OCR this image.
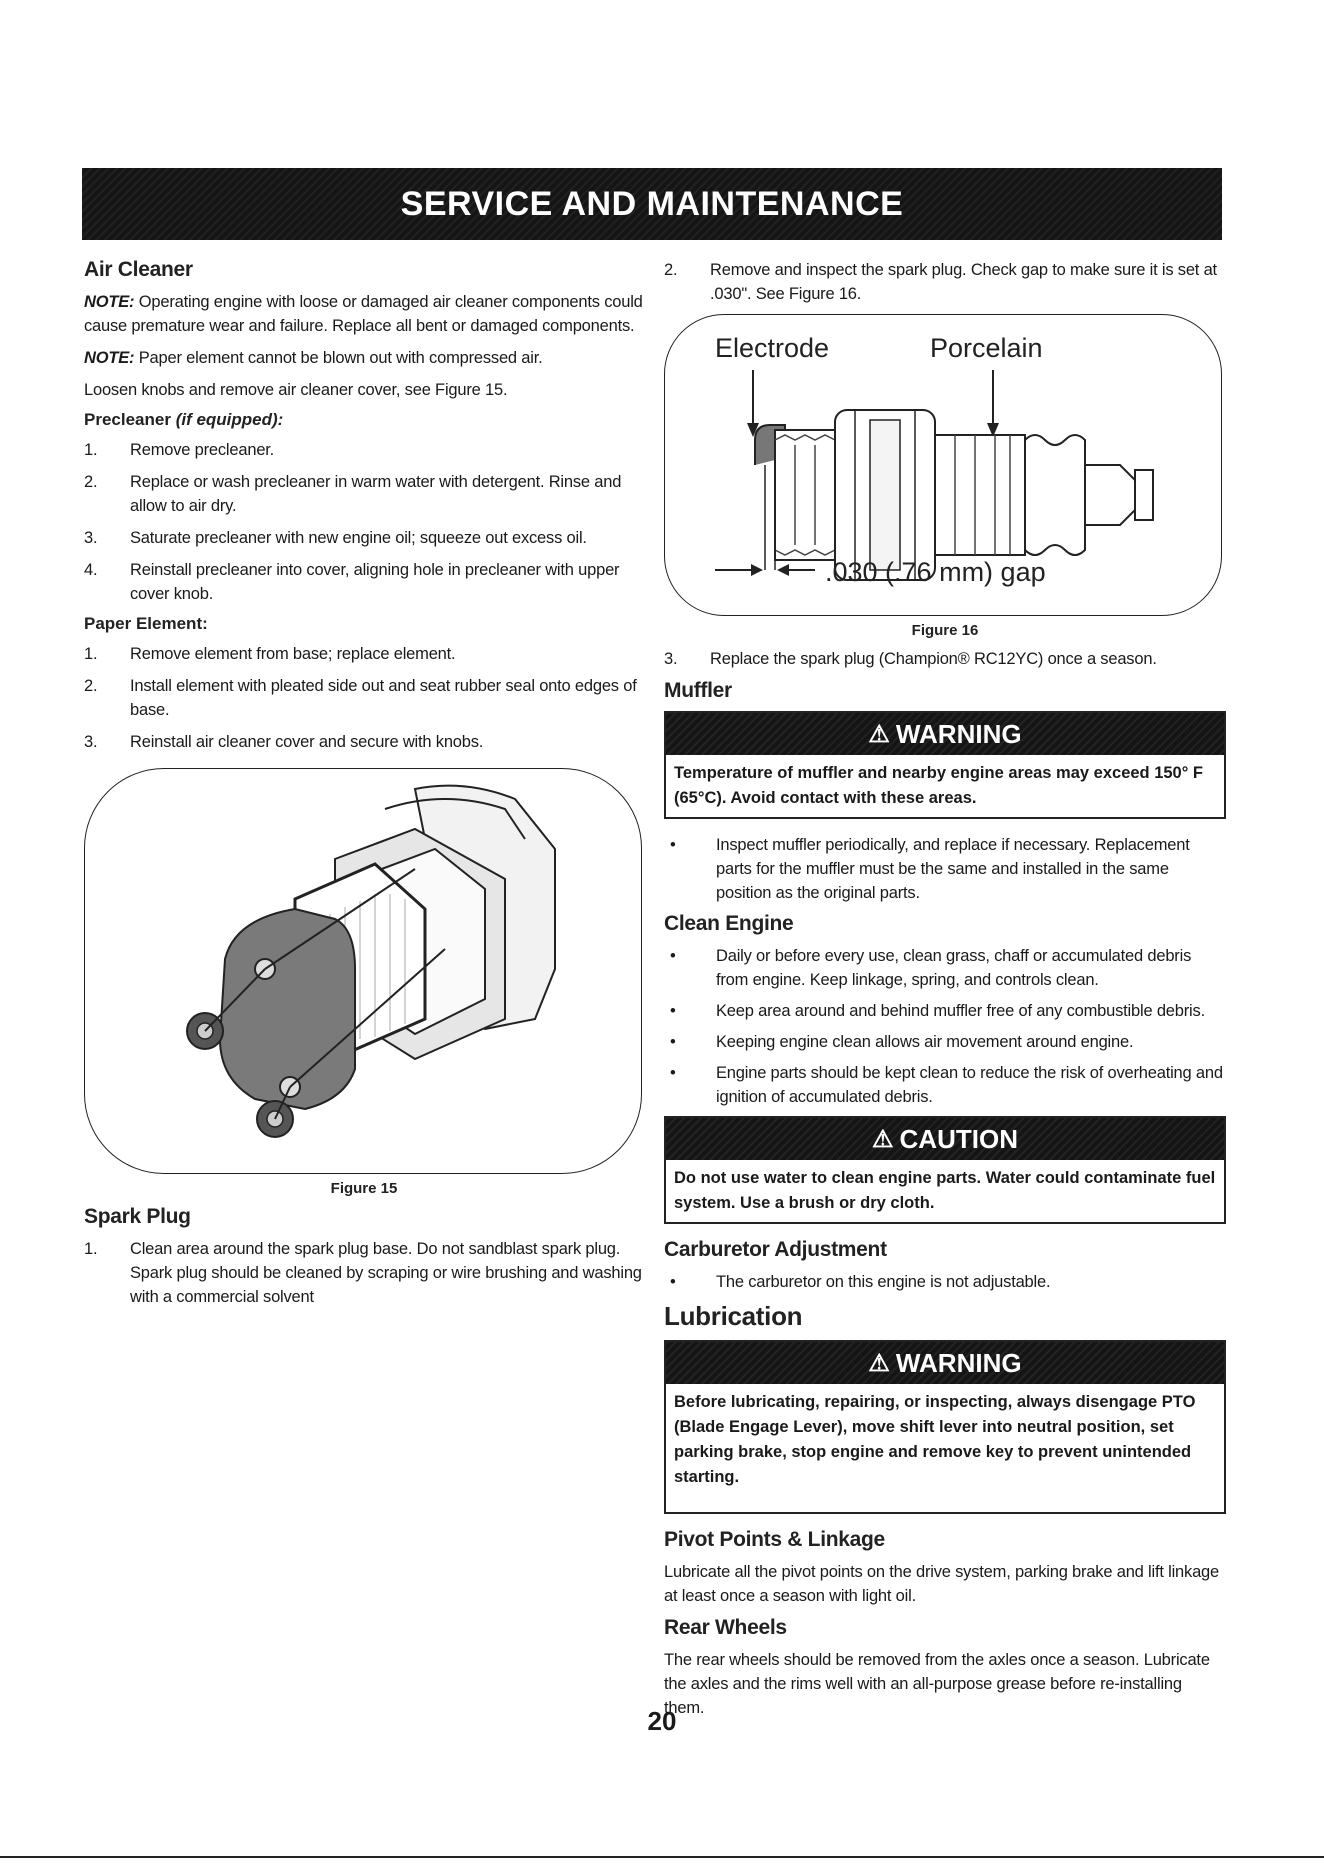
SERVICE AND MAINTENANCE
Air Cleaner

NOTE: Operating engine with loose or damaged air cleaner components could cause premature wear and failure. Replace all bent or damaged components.

NOTE: Paper element cannot be blown out with compressed air.

Loosen knobs and remove air cleaner cover, see Figure 15.

Precleaner (if equipped):
1.	Remove precleaner.
2.	Replace or wash precleaner in warm water with detergent. Rinse and allow to air dry.
3.	Saturate precleaner with new engine oil; squeeze out excess oil.
4.	Reinstall precleaner into cover, aligning hole in precleaner with upper cover knob.
Paper Element:
1.	Remove element from base; replace element.
2.	Install element with pleated side out and seat rubber seal onto edges of base.
3.	Reinstall air cleaner cover and secure with knobs.
Figure 15
Spark Plug
1.	Clean area around the spark plug base. Do not sandblast spark plug. Spark plug should be cleaned by scraping or wire brushing and washing with a commercial solvent
2.	Remove and inspect the spark plug. Check gap to make sure it is set at .030". See Figure 16.
Electrode	Porcelain
.030 (.76 mm) gap
Figure 16
3.	Replace the spark plug (Champion® RC12YC) once a season.
Muffler
⚠ WARNING
Temperature of muffler and nearby engine areas may exceed 150° F (65°C). Avoid contact with these areas.
•	Inspect muffler periodically, and replace if necessary. Replacement parts for the muffler must be the same and installed in the same position as the original parts.
Clean Engine
•	Daily or before every use, clean grass, chaff or accumulated debris from engine. Keep linkage, spring, and controls clean.
•	Keep area around and behind muffler free of any combustible debris.
•	Keeping engine clean allows air movement around engine.
•	Engine parts should be kept clean to reduce the risk of overheating and ignition of accumulated debris.
⚠ CAUTION
Do not use water to clean engine parts. Water could contaminate fuel system. Use a brush or dry cloth.
Carburetor Adjustment
•	The carburetor on this engine is not adjustable.
Lubrication
⚠ WARNING
Before lubricating, repairing, or inspecting, always disengage PTO (Blade Engage Lever), move shift lever into neutral position, set parking brake, stop engine and remove key to prevent unintended starting.
Pivot Points & Linkage

Lubricate all the pivot points on the drive system, parking brake and lift linkage at least once a season with light oil.

Rear Wheels

The rear wheels should be removed from the axles once a season. Lubricate the axles and the rims well with an all-purpose grease before re-installing them.

20
